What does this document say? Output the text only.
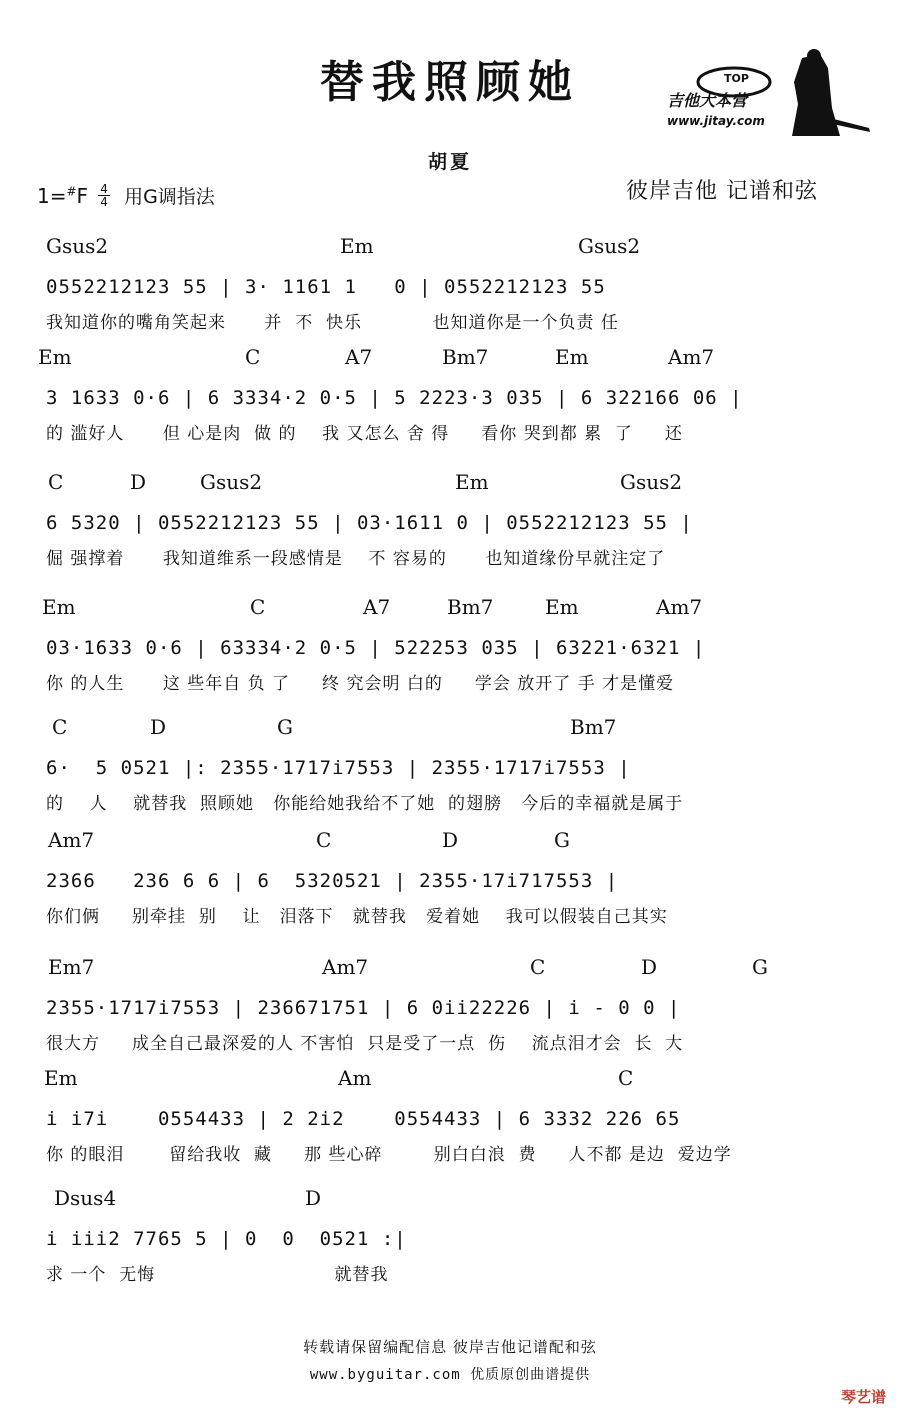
替我照顾她	TOP
吉他大本营
www.jitay.com
胡夏
1=#F 4
4 用G调指法	彼岸吉他 记谱和弦
Gsus2	Em	Gsus2
0552212123 55 | 3· 1161 1   0 | 0552212123 55
我知道你的嘴角笑起来      并  不  快乐           也知道你是一个负责 任
Em	C	A7	Bm7	Em	Am7
3 1633 0·6 | 6 3334·2 0·5 | 5 2223·3 035 | 6 322166 06 |
的 滥好人      但 心是肉  做 的    我 又怎么 舍 得     看你 哭到都 累  了     还
C	D	Gsus2	Em	Gsus2
6 5320 | 0552212123 55 | 03·1611 0 | 0552212123 55 |
倔 强撑着      我知道维系一段感情是    不 容易的      也知道缘份早就注定了
Em	C	A7	Bm7	Em	Am7
03·1633 0·6 | 63334·2 0·5 | 522253 035 | 63221·6321 |
你 的人生      这 些年自 负 了     终 究会明 白的     学会 放开了 手 才是懂爱
C	D	G	Bm7
6·  5 0521 |: 2355·1717i7553 | 2355·1717i7553 |
的    人    就替我  照顾她   你能给她我给不了她  的翅膀   今后的幸福就是属于
Am7	C	D	G
2366   236 6 6 | 6  5320521 | 2355·17i717553 |
你们俩     别牵挂  别    让   泪落下   就替我   爱着她    我可以假装自己其实
Em7	Am7	C	D	G
2355·1717i7553 | 236671751 | 6 0ii22226 | i - 0 0 |
很大方     成全自己最深爱的人 不害怕  只是受了一点  伤    流点泪才会  长  大
Em	Am	C
i i7i    0554433 | 2 2i2    0554433 | 6 3332 226 65
你 的眼泪       留给我收  藏     那 些心碎        别白白浪  费     人不都 是边  爱边学
Dsus4	D
i iii2 7765 5 | 0  0  0521 :|
求 一个  无悔                            就替我
转载请保留编配信息 彼岸吉他记谱配和弦
www.byguitar.com 优质原创曲谱提供
琴艺谱
